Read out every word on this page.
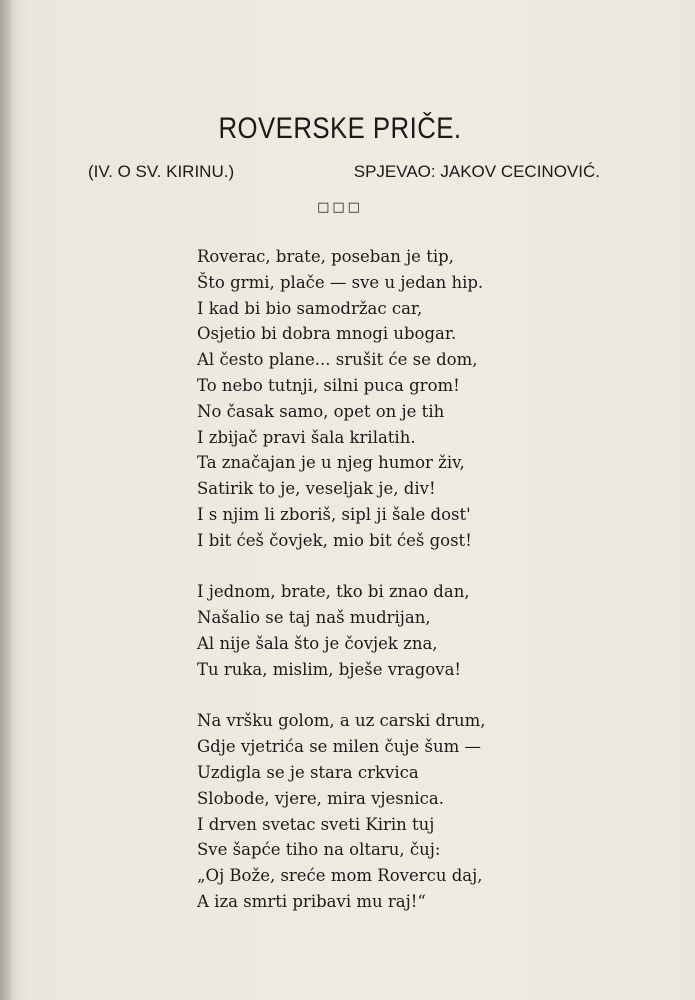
ROVERSKE PRIČE.
(IV. O SV. KIRINU.)	SPJEVAO: JAKOV CECINOVIĆ.
□□□
Roverac, brate, poseban je tip,
Što grmi, plače — sve u jedan hip.
I kad bi bio samodržac car,
Osjetio bi dobra mnogi ubogar.
Al često plane... srušit će se dom,
To nebo tutnji, silni puca grom!
No časak samo, opet on je tih
I zbijač pravi šala krilatih.
Ta značajan je u njeg humor živ,
Satirik to je, veseljak je, div!
I s njim li zboriš, sipl ji šale dost'
I bit ćeš čovjek, mio bit ćeš gost!
I jednom, brate, tko bi znao dan,
Našalio se taj naš mudrijan,
Al nije šala što je čovjek zna,
Tu ruka, mislim, bješe vragova!
Na vršku golom, a uz carski drum,
Gdje vjetrića se milen čuje šum —
Uzdigla se je stara crkvica
Slobode, vjere, mira vjesnica.
I drven svetac sveti Kirin tuj
Sve šapće tiho na oltaru, čuj:
„Oj Bože, sreće mom Rovercu daj,
A iza smrti pribavi mu raj!“
